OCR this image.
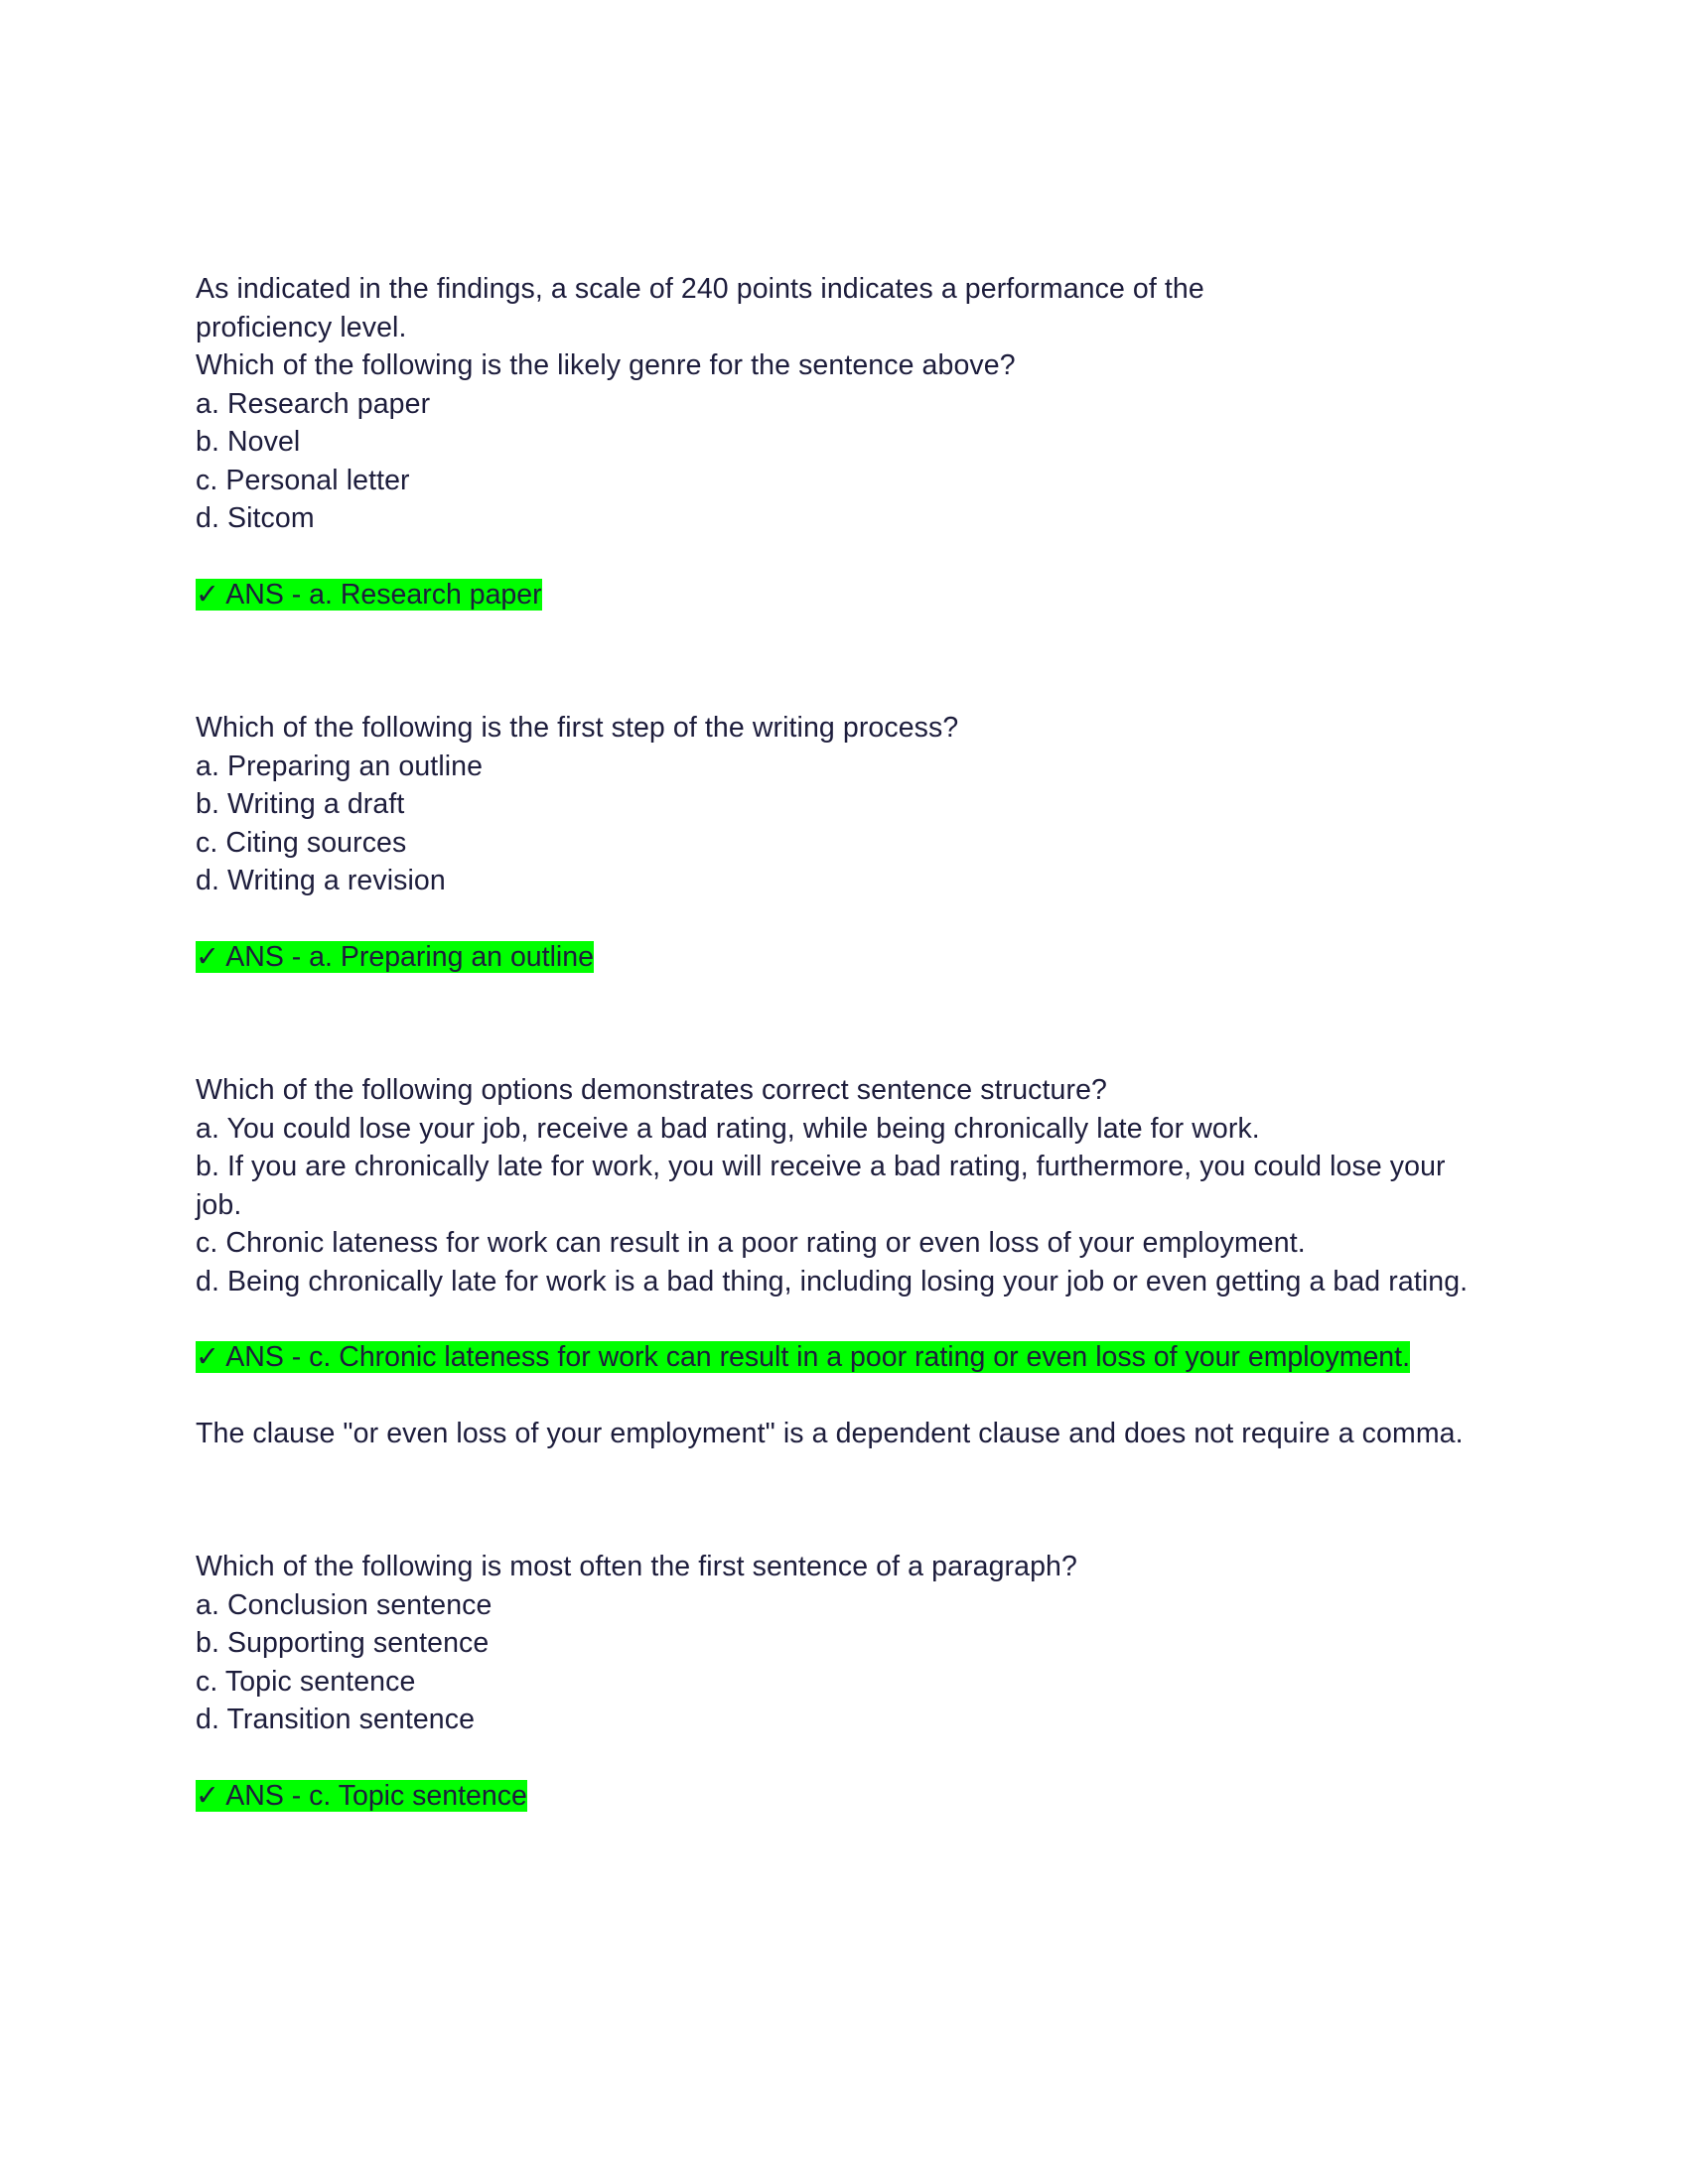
As indicated in the findings, a scale of 240 points indicates a performance of the
proficiency level.
Which of the following is the likely genre for the sentence above?
a. Research paper
b. Novel
c. Personal letter
d. Sitcom
✓ ANS - a. Research paper
Which of the following is the first step of the writing process?
a. Preparing an outline
b. Writing a draft
c. Citing sources
d. Writing a revision
✓ ANS - a. Preparing an outline
Which of the following options demonstrates correct sentence structure?
a. You could lose your job, receive a bad rating, while being chronically late for work.
b. If you are chronically late for work, you will receive a bad rating, furthermore, you could lose your job.
c. Chronic lateness for work can result in a poor rating or even loss of your employment.
d. Being chronically late for work is a bad thing, including losing your job or even getting a bad rating.
✓ ANS - c. Chronic lateness for work can result in a poor rating or even loss of your employment.
The clause "or even loss of your employment" is a dependent clause and does not require a comma.
Which of the following is most often the first sentence of a paragraph?
a. Conclusion sentence
b. Supporting sentence
c. Topic sentence
d. Transition sentence
✓ ANS - c. Topic sentence
